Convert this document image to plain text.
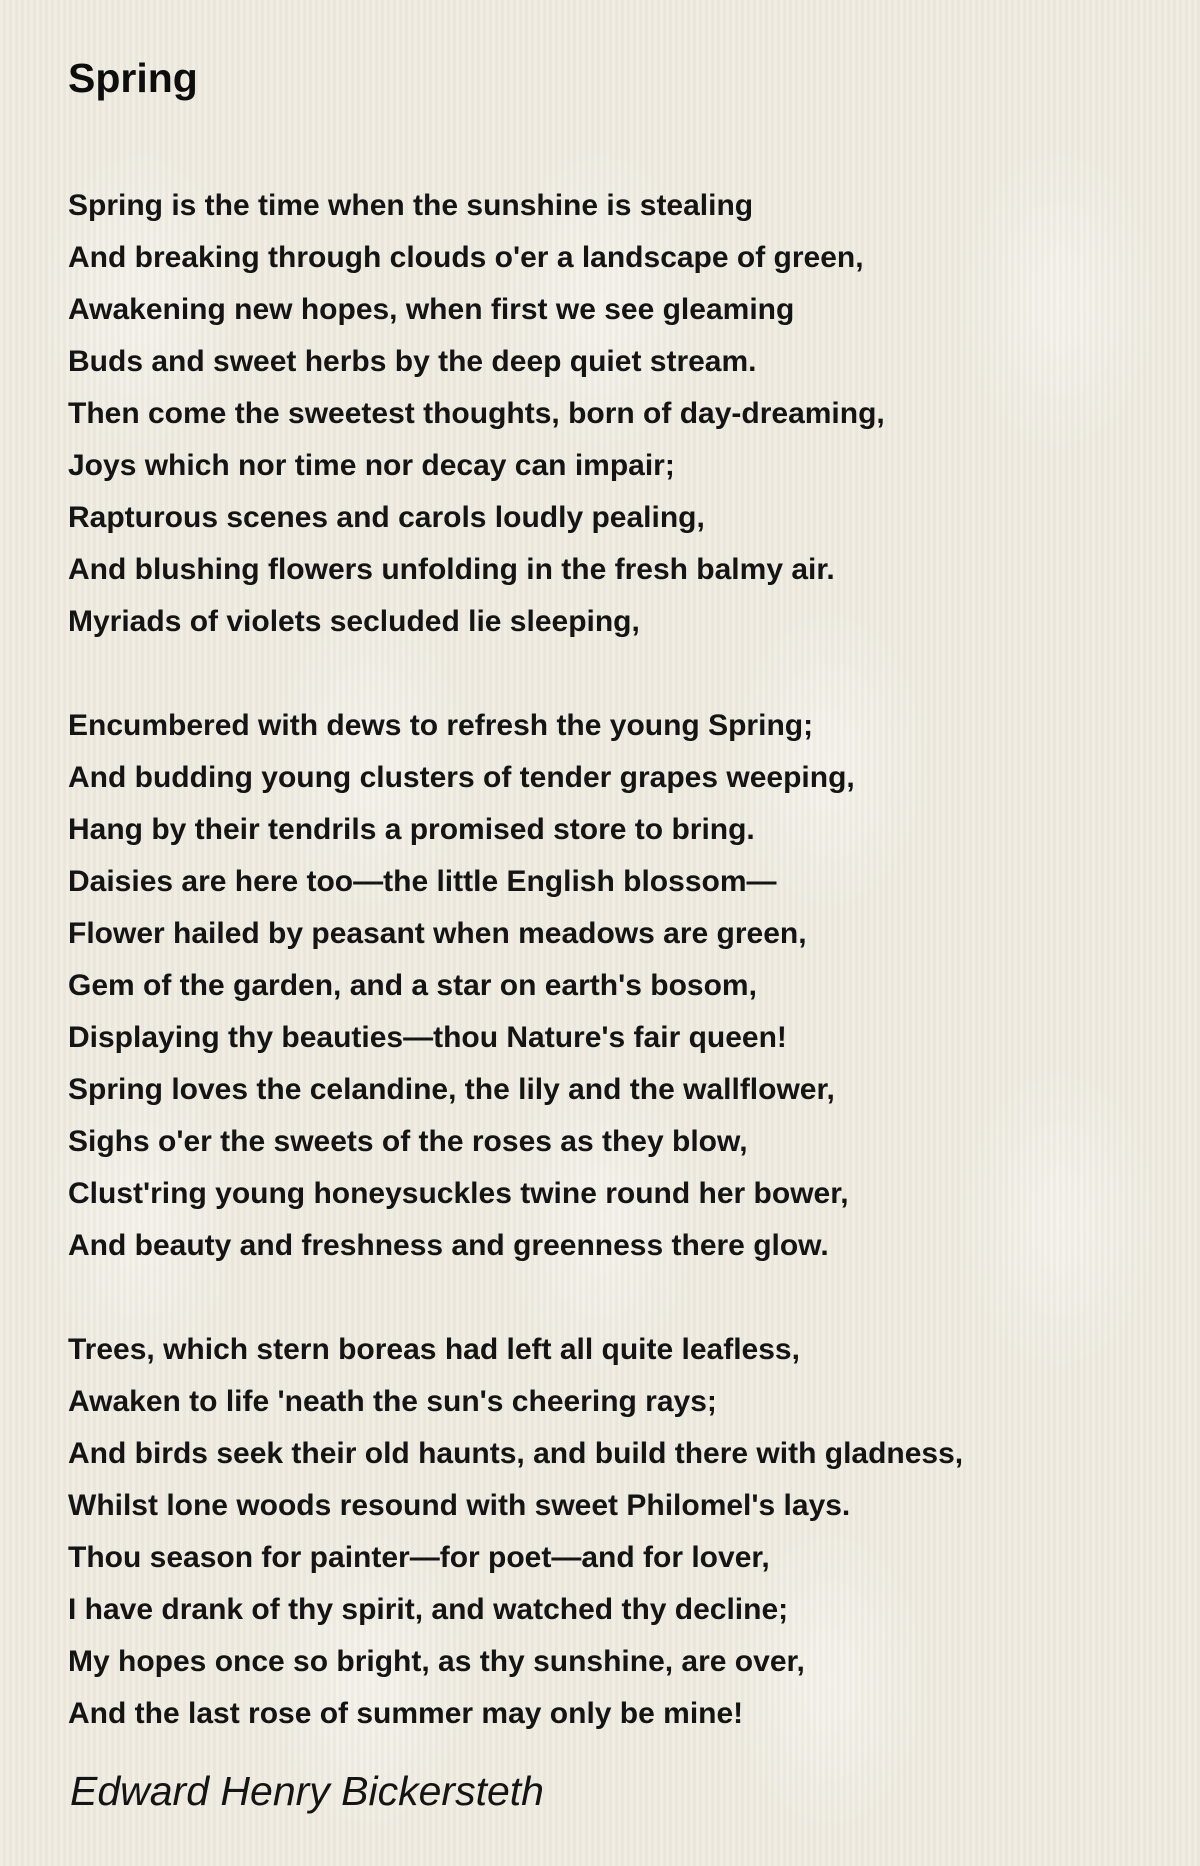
Spring
Spring is the time when the sunshine is stealing
And breaking through clouds o'er a landscape of green,
Awakening new hopes, when first we see gleaming
Buds and sweet herbs by the deep quiet stream.
Then come the sweetest thoughts, born of day-dreaming,
Joys which nor time nor decay can impair;
Rapturous scenes and carols loudly pealing,
And blushing flowers unfolding in the fresh balmy air.
Myriads of violets secluded lie sleeping,
Encumbered with dews to refresh the young Spring;
And budding young clusters of tender grapes weeping,
Hang by their tendrils a promised store to bring.
Daisies are here too—the little English blossom—
Flower hailed by peasant when meadows are green,
Gem of the garden, and a star on earth's bosom,
Displaying thy beauties—thou Nature's fair queen!
Spring loves the celandine, the lily and the wallflower,
Sighs o'er the sweets of the roses as they blow,
Clust'ring young honeysuckles twine round her bower,
And beauty and freshness and greenness there glow.
Trees, which stern boreas had left all quite leafless,
Awaken to life 'neath the sun's cheering rays;
And birds seek their old haunts, and build there with gladness,
Whilst lone woods resound with sweet Philomel's lays.
Thou season for painter—for poet—and for lover,
I have drank of thy spirit, and watched thy decline;
My hopes once so bright, as thy sunshine, are over,
And the last rose of summer may only be mine!
Edward Henry Bickersteth
